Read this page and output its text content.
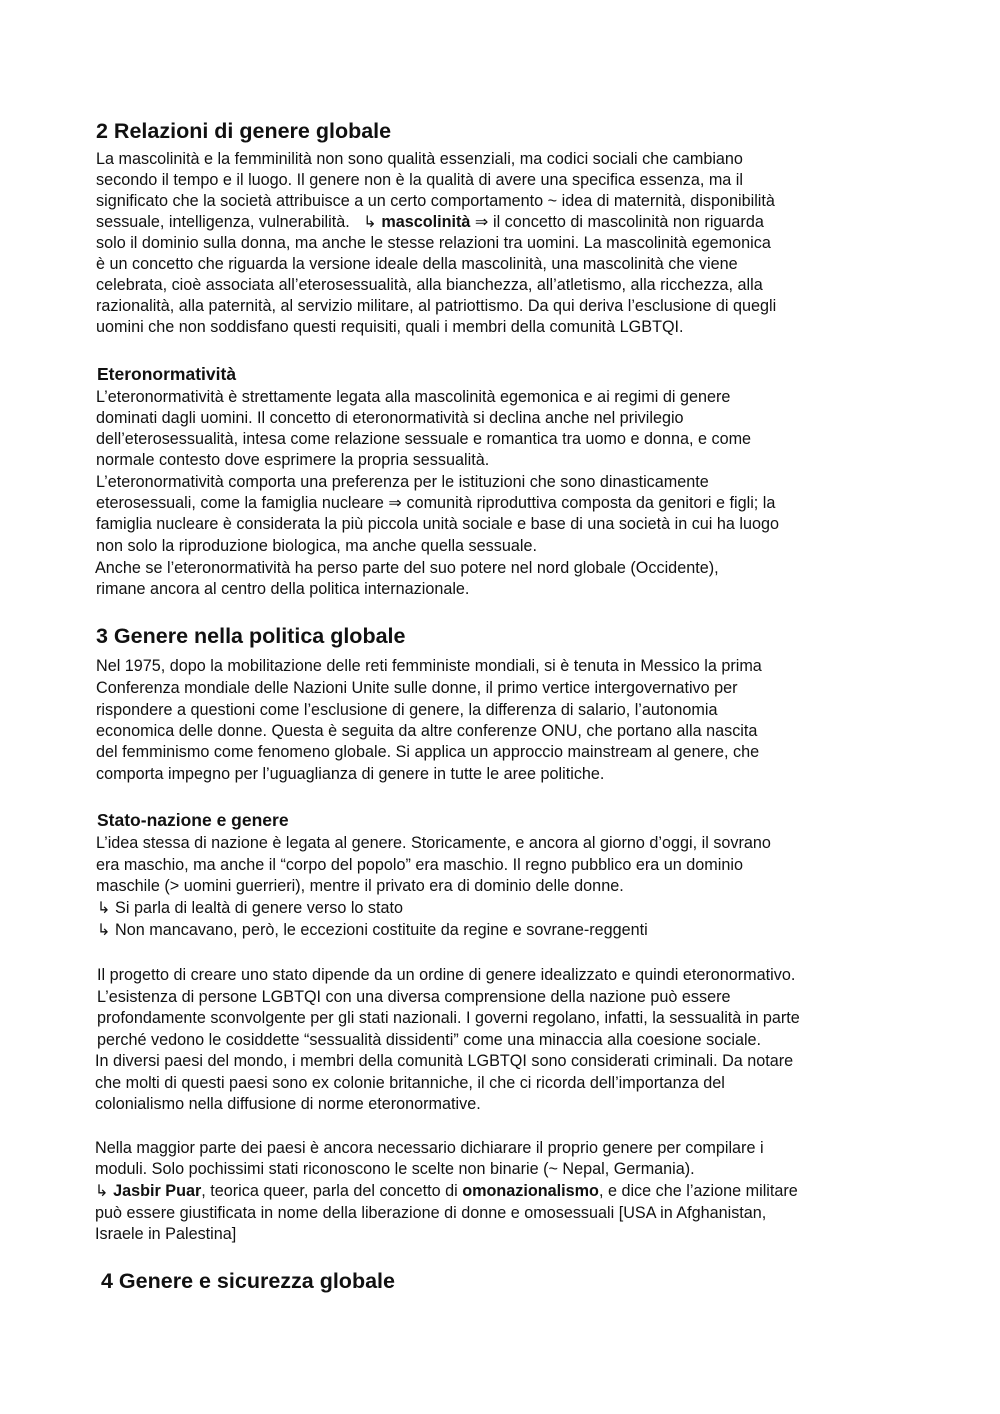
2 Relazioni di genere globale
La mascolinità e la femminilità non sono qualità essenziali, ma codici sociali che cambiano
secondo il tempo e il luogo. Il genere non è la qualità di avere una specifica essenza, ma il
significato che la società attribuisce a un certo comportamento ~ idea di maternità, disponibilità
sessuale, intelligenza, vulnerabilità. ↳ mascolinità ⇒ il concetto di mascolinità non riguarda
solo il dominio sulla donna, ma anche le stesse relazioni tra uomini. La mascolinità egemonica
è un concetto che riguarda la versione ideale della mascolinità, una mascolinità che viene
celebrata, cioè associata all’eterosessualità, alla bianchezza, all’atletismo, alla ricchezza, alla
razionalità, alla paternità, al servizio militare, al patriottismo. Da qui deriva l’esclusione di quegli
uomini che non soddisfano questi requisiti, quali i membri della comunità LGBTQI.
Eteronormatività
L’eteronormatività è strettamente legata alla mascolinità egemonica e ai regimi di genere
dominati dagli uomini. Il concetto di eteronormatività si declina anche nel privilegio
dell’eterosessualità, intesa come relazione sessuale e romantica tra uomo e donna, e come
normale contesto dove esprimere la propria sessualità.
L’eteronormatività comporta una preferenza per le istituzioni che sono dinasticamente
eterosessuali, come la famiglia nucleare ⇒ comunità riproduttiva composta da genitori e figli; la
famiglia nucleare è considerata la più piccola unità sociale e base di una società in cui ha luogo
non solo la riproduzione biologica, ma anche quella sessuale.
Anche se l’eteronormatività ha perso parte del suo potere nel nord globale (Occidente),
rimane ancora al centro della politica internazionale.
3 Genere nella politica globale
Nel 1975, dopo la mobilitazione delle reti femministe mondiali, si è tenuta in Messico la prima
Conferenza mondiale delle Nazioni Unite sulle donne, il primo vertice intergovernativo per
rispondere a questioni come l’esclusione di genere, la differenza di salario, l’autonomia
economica delle donne. Questa è seguita da altre conferenze ONU, che portano alla nascita
del femminismo come fenomeno globale. Si applica un approccio mainstream al genere, che
comporta impegno per l’uguaglianza di genere in tutte le aree politiche.
Stato-nazione e genere
L’idea stessa di nazione è legata al genere. Storicamente, e ancora al giorno d’oggi, il sovrano
era maschio, ma anche il “corpo del popolo” era maschio. Il regno pubblico era un dominio
maschile (> uomini guerrieri), mentre il privato era di dominio delle donne.
↳ Si parla di lealtà di genere verso lo stato
↳ Non mancavano, però, le eccezioni costituite da regine e sovrane-reggenti
Il progetto di creare uno stato dipende da un ordine di genere idealizzato e quindi eteronormativo.
L’esistenza di persone LGBTQI con una diversa comprensione della nazione può essere
profondamente sconvolgente per gli stati nazionali. I governi regolano, infatti, la sessualità in parte
perché vedono le cosiddette “sessualità dissidenti” come una minaccia alla coesione sociale.
In diversi paesi del mondo, i membri della comunità LGBTQI sono considerati criminali. Da notare
che molti di questi paesi sono ex colonie britanniche, il che ci ricorda dell’importanza del
colonialismo nella diffusione di norme eteronormative.
Nella maggior parte dei paesi è ancora necessario dichiarare il proprio genere per compilare i
moduli. Solo pochissimi stati riconoscono le scelte non binarie (~ Nepal, Germania).
↳ Jasbir Puar, teorica queer, parla del concetto di omonazionalismo, e dice che l’azione militare
può essere giustificata in nome della liberazione di donne e omosessuali [USA in Afghanistan,
Israele in Palestina]
4 Genere e sicurezza globale
